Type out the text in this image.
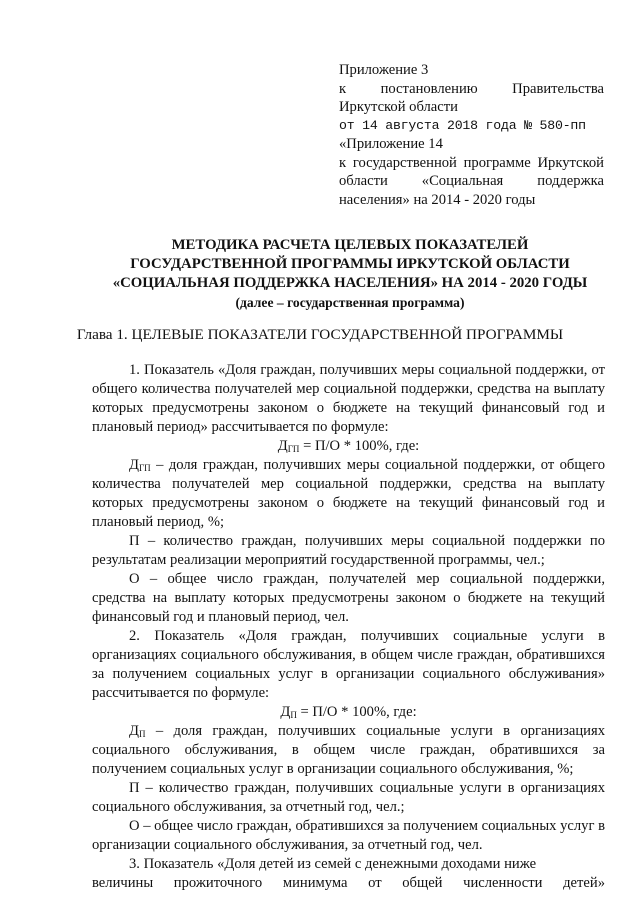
Приложение 3
к постановлению Правительства
Иркутской области
от 14 августа 2018 года № 580-пп
«Приложение 14
к государственной программе Иркутской
области «Социальная поддержка
населения» на 2014 - 2020 годы
МЕТОДИКА РАСЧЕТА ЦЕЛЕВЫХ ПОКАЗАТЕЛЕЙ
ГОСУДАРСТВЕННОЙ ПРОГРАММЫ ИРКУТСКОЙ ОБЛАСТИ
«СОЦИАЛЬНАЯ ПОДДЕРЖКА НАСЕЛЕНИЯ» НА 2014 - 2020 ГОДЫ
(далее – государственная программа)
Глава 1. ЦЕЛЕВЫЕ ПОКАЗАТЕЛИ ГОСУДАРСТВЕННОЙ ПРОГРАММЫ

1. Показатель «Доля граждан, получивших меры социальной поддержки, от общего количества получателей мер социальной поддержки, средства на выплату которых предусмотрены законом о бюджете на текущий финансовый год и плановый период» рассчитывается по формуле:

$Д_{ГП} = П/О * 100\%$, где:

$Д_{ГП}$ – доля граждан, получивших меры социальной поддержки, от общего количества получателей мер социальной поддержки, средства на выплату которых предусмотрены законом о бюджете на текущий финансовый год и плановый период, %;

П – количество граждан, получивших меры социальной поддержки по результатам реализации мероприятий государственной программы, чел.;

О – общее число граждан, получателей мер социальной поддержки, средства на выплату которых предусмотрены законом о бюджете на текущий финансовый год и плановый период, чел.

2. Показатель «Доля граждан, получивших социальные услуги в организациях социального обслуживания, в общем числе граждан, обратившихся за получением социальных услуг в организации социального обслуживания» рассчитывается по формуле:

$Д_П = П/О * 100\%$, где:

$Д_П$ – доля граждан, получивших социальные услуги в организациях социального обслуживания, в общем числе граждан, обратившихся за получением социальных услуг в организации социального обслуживания, %;

П – количество граждан, получивших социальные услуги в организациях социального обслуживания, за отчетный год, чел.;

О – общее число граждан, обратившихся за получением социальных услуг в организации социального обслуживания, за отчетный год, чел.

3. Показатель «Доля детей из семей с денежными доходами ниже

величины прожиточного минимума от общей численности детей»
